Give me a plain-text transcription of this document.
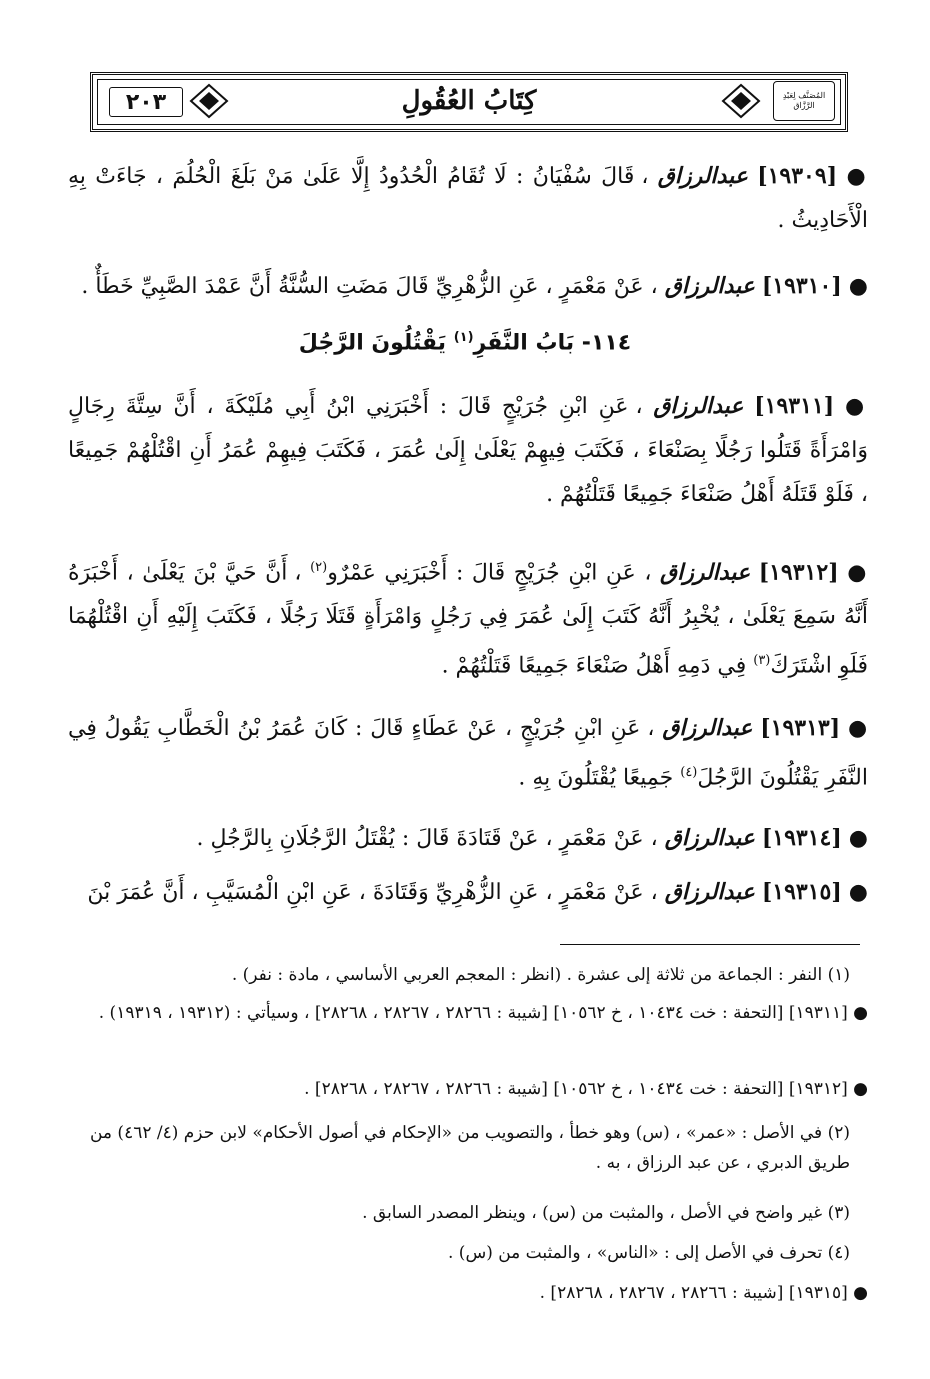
٢٠٣	كِتَابُ العُقُولِ	المُصَنَّف لِعَبْدِ الرَّزَّاق
● [١٩٣٠٩] عبدالرزاق ، قَالَ سُفْيَانُ : لَا تُقَامُ الْحُدُودُ إِلَّا عَلَىٰ مَنْ بَلَغَ الْحُلُمَ ، جَاءَتْ بِهِ الْأَحَادِيثُ .
● [١٩٣١٠] عبدالرزاق ، عَنْ مَعْمَرٍ ، عَنِ الزُّهْرِيِّ قَالَ مَضَتِ السُّنَّةُ أَنَّ عَمْدَ الصَّبِيِّ خَطَأٌ .
١١٤- بَابُ النَّفَرِ$^{(١)}$ يَقْتُلُونَ الرَّجُلَ
● [١٩٣١١] عبدالرزاق ، عَنِ ابْنِ جُرَيْجٍ قَالَ : أَخْبَرَنِي ابْنُ أَبِي مُلَيْكَةَ ، أَنَّ سِتَّةَ رِجَالٍ وَامْرَأَةً قَتَلُوا رَجُلًا بِصَنْعَاءَ ، فَكَتَبَ فِيهِمْ يَعْلَىٰ إِلَىٰ عُمَرَ ، فَكَتَبَ فِيهِمْ عُمَرُ أَنِ اقْتُلْهُمْ جَمِيعًا ، فَلَوْ قَتَلَهُ أَهْلُ صَنْعَاءَ جَمِيعًا قَتَلْتُهُمْ .
● [١٩٣١٢] عبدالرزاق ، عَنِ ابْنِ جُرَيْجٍ قَالَ : أَخْبَرَنِي عَمْرٌو$^{(٢)}$ ، أَنَّ حَيَّ بْنَ يَعْلَىٰ ، أَخْبَرَهُ أَنَّهُ سَمِعَ يَعْلَىٰ ، يُخْبِرُ أَنَّهُ كَتَبَ إِلَىٰ عُمَرَ فِي رَجُلٍ وَامْرَأَةٍ قَتَلَا رَجُلًا ، فَكَتَبَ إِلَيْهِ أَنِ اقْتُلْهُمَا فَلَوِ اشْتَرَكَ$^{(٣)}$ فِي دَمِهِ أَهْلُ صَنْعَاءَ جَمِيعًا قَتَلْتُهُمْ .
● [١٩٣١٣] عبدالرزاق ، عَنِ ابْنِ جُرَيْجٍ ، عَنْ عَطَاءٍ قَالَ : كَانَ عُمَرُ بْنُ الْخَطَّابِ يَقُولُ فِي النَّفَرِ يَقْتُلُونَ الرَّجُلَ$^{(٤)}$ جَمِيعًا يُقْتَلُونَ بِهِ .
● [١٩٣١٤] عبدالرزاق ، عَنْ مَعْمَرٍ ، عَنْ قَتَادَةَ قَالَ : يُقْتَلُ الرَّجُلَانِ بِالرَّجُلِ .
● [١٩٣١٥] عبدالرزاق ، عَنْ مَعْمَرٍ ، عَنِ الزُّهْرِيِّ وَقَتَادَةَ ، عَنِ ابْنِ الْمُسَيَّبِ ، أَنَّ عُمَرَ بْنَ
(١) النفر : الجماعة من ثلاثة إلى عشرة . (انظر : المعجم العربي الأساسي ، مادة : نفر) .
● [١٩٣١١] [التحفة : خت ١٠٤٣٤ ، خ ١٠٥٦٢] [شيبة : ٢٨٢٦٦ ، ٢٨٢٦٧ ، ٢٨٢٦٨] ، وسيأتي : (١٩٣١٢ ، ١٩٣١٩) .
● [١٩٣١٢] [التحفة : خت ١٠٤٣٤ ، خ ١٠٥٦٢] [شيبة : ٢٨٢٦٦ ، ٢٨٢٦٧ ، ٢٨٢٦٨] .
(٢) في الأصل : «عمر» ، (س) وهو خطأ ، والتصويب من «الإحكام في أصول الأحكام» لابن حزم (٤/ ٤٦٢) من طريق الدبري ، عن عبد الرزاق ، به .
(٣) غير واضح في الأصل ، والمثبت من (س) ، وينظر المصدر السابق .
(٤) تحرف في الأصل إلى : «الناس» ، والمثبت من (س) .
● [١٩٣١٥] [شيبة : ٢٨٢٦٦ ، ٢٨٢٦٧ ، ٢٨٢٦٨] .
